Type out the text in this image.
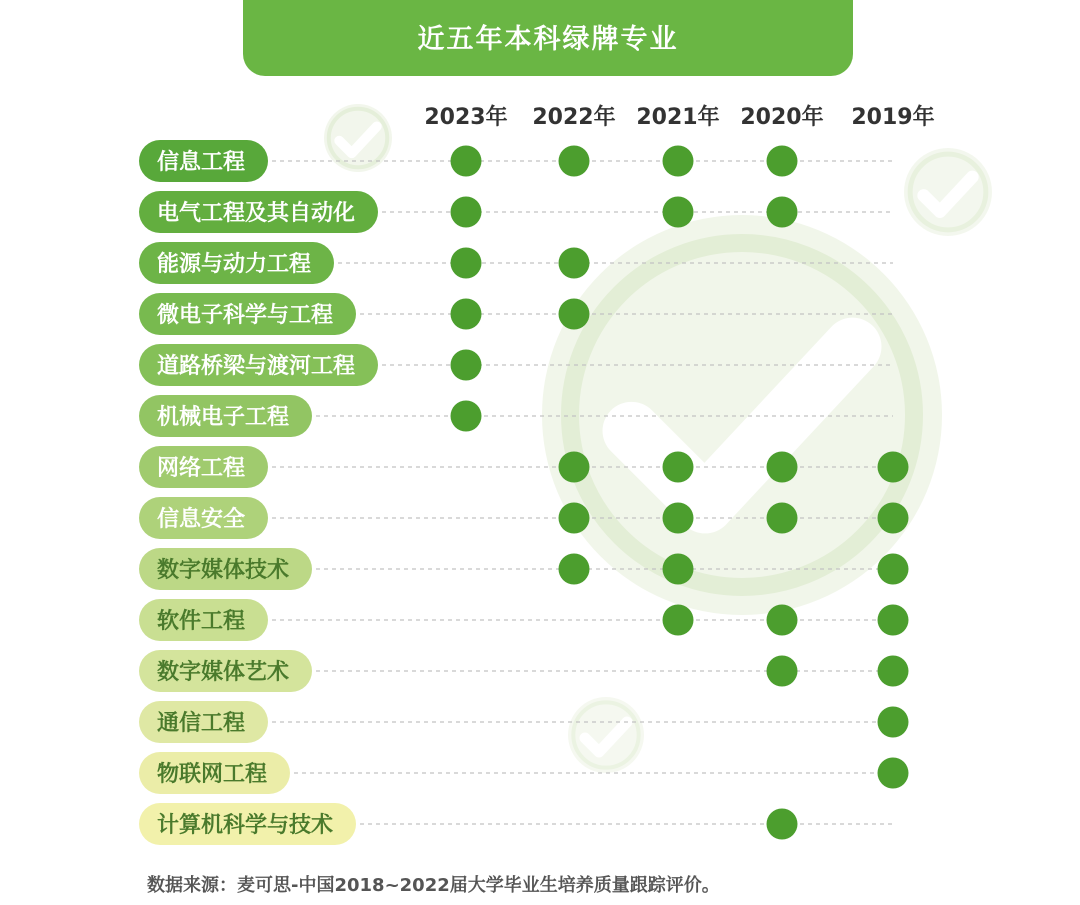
近五年本科绿牌专业
2023年 2022年 2021年 2020年 2019年
信息工程
电气工程及其自动化
能源与动力工程
微电子科学与工程
道路桥梁与渡河工程
机械电子工程
网络工程
信息安全
数字媒体技术
软件工程
数字媒体艺术
通信工程
物联网工程
计算机科学与技术
数据来源：麦可思-中国2018~2022届大学毕业生培养质量跟踪评价。
